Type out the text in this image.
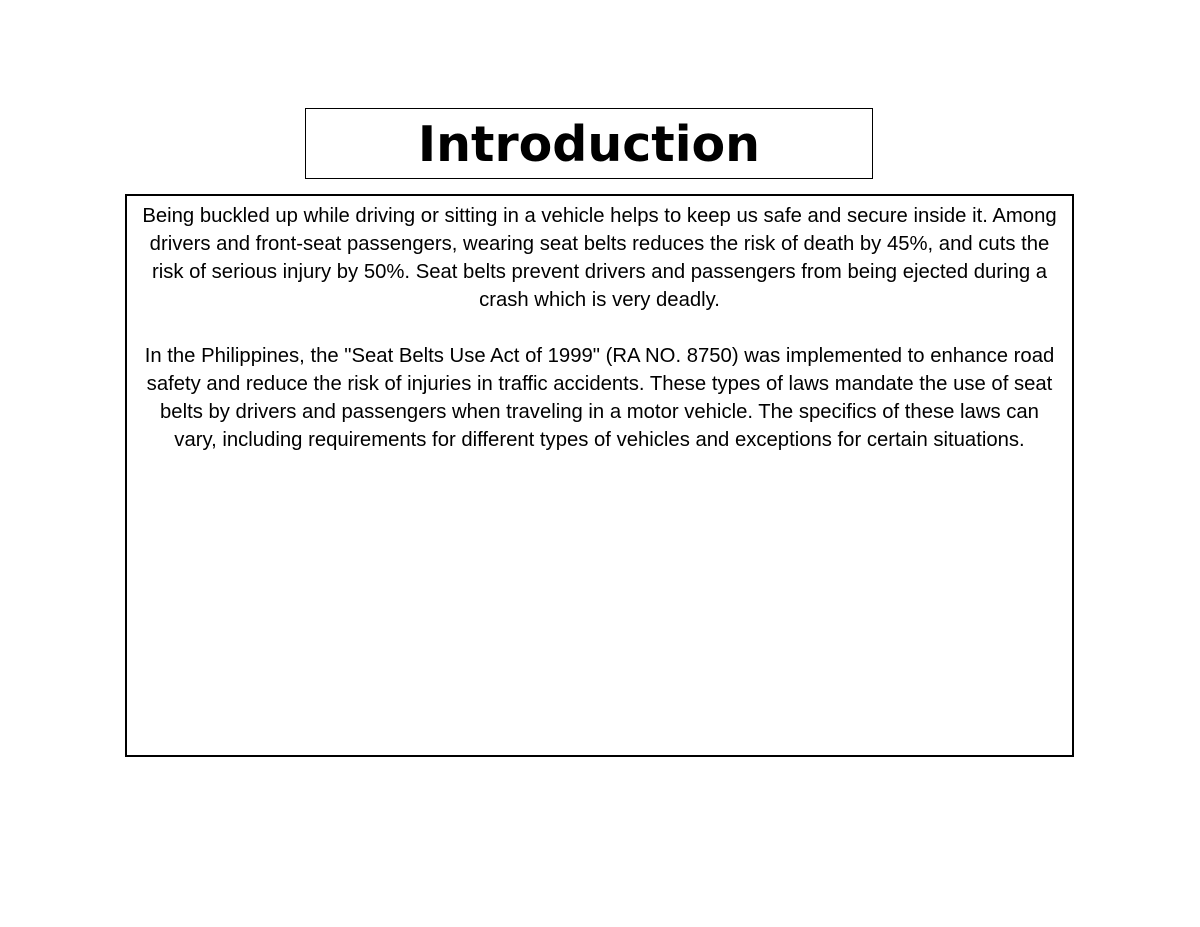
Introduction

Being buckled up while driving or sitting in a vehicle helps to keep us safe and secure inside it. Among drivers and front-seat passengers, wearing seat belts reduces the risk of death by 45%, and cuts the risk of serious injury by 50%. Seat belts prevent drivers and passengers from being ejected during a crash which is very deadly.

In the Philippines, the "Seat Belts Use Act of 1999" (RA NO. 8750) was implemented to enhance road safety and reduce the risk of injuries in traffic accidents. These types of laws mandate the use of seat belts by drivers and passengers when traveling in a motor vehicle. The specifics of these laws can vary, including requirements for different types of vehicles and exceptions for certain situations.
